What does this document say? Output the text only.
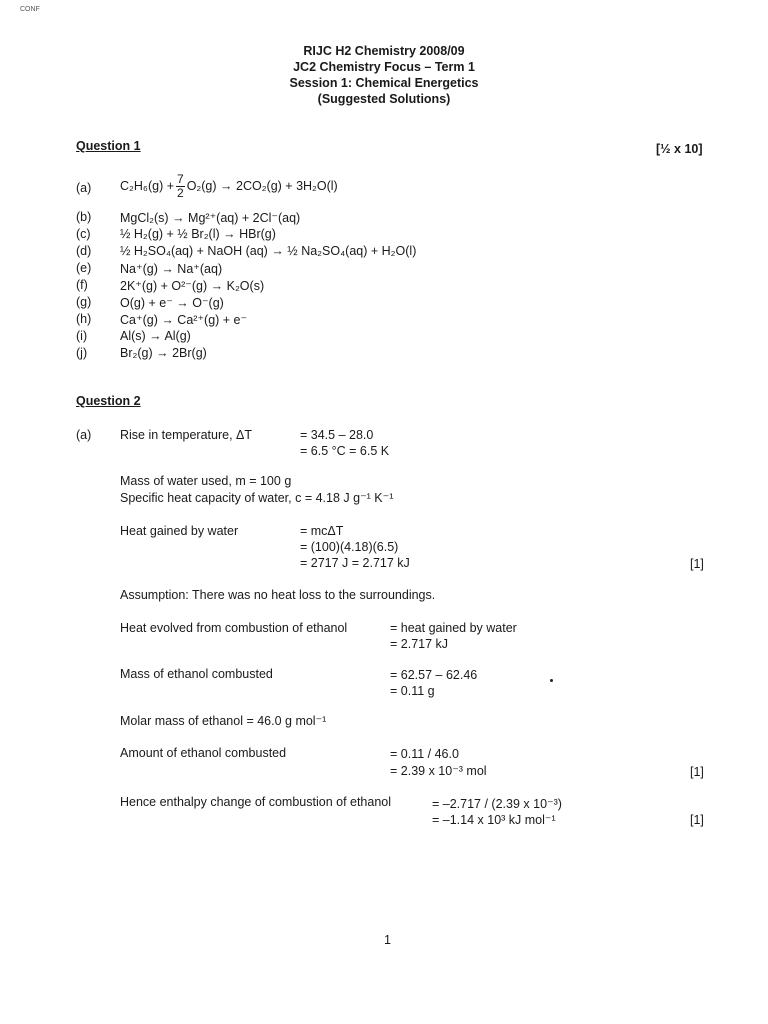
CONF
RIJC H2 Chemistry 2008/09
JC2 Chemistry Focus – Term 1
Session 1: Chemical Energetics
(Suggested Solutions)
Question 1	[½ x 10]
(a) $C_2H_6(g) + \frac{7}{2} O_2(g) \to 2CO_2(g) + 3H_2O(l)$
(b) MgCl₂(s) → Mg²⁺(aq) + 2Cl⁻(aq)
(c) ½ H₂(g) + ½ Br₂(l) → HBr(g)
(d) ½ H₂SO₄(aq) + NaOH (aq) → ½ Na₂SO₄(aq) + H₂O(l)
(e) Na⁺(g) → Na⁺(aq)
(f)	2K⁺(g) + O²⁻(g) → K₂O(s)
(g) O(g) + e⁻ → O⁻(g)
(h) Ca⁺(g) → Ca²⁺(g) + e⁻
(i)	Al(s) → Al(g)
(j)	Br₂(g) → 2Br(g)
Question 2
(a) Rise in temperature, ΔT	= 34.5 – 28.0
= 6.5 °C = 6.5 K
Mass of water used, m = 100 g
Specific heat capacity of water, c = 4.18 J g⁻¹ K⁻¹
Heat gained by water	= mcΔT
= (100)(4.18)(6.5)
= 2717 J = 2.717 kJ	[1]
Assumption: There was no heat loss to the surroundings.
Heat evolved from combustion of ethanol	= heat gained by water
= 2.717 kJ
Mass of ethanol combusted	= 62.57 – 62.46
= 0.11 g
Molar mass of ethanol = 46.0 g mol⁻¹
Amount of ethanol combusted	= 0.11 / 46.0
= 2.39 x 10⁻³ mol	[1]
Hence enthalpy change of combustion of ethanol	= –2.717 / (2.39 x 10⁻³)
= –1.14 x 10³ kJ mol⁻¹	[1]
1
